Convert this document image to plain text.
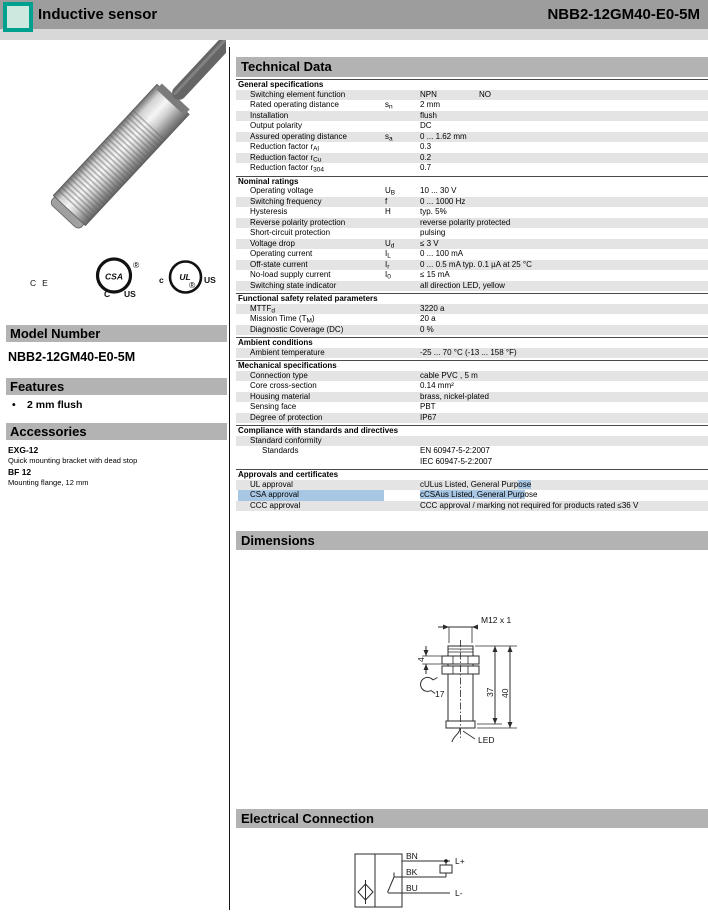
Inductive sensor	NBB2-12GM40-E0-5M
CE
CSA
®
C US
UL
®
c	US
Model Number
NBB2-12GM40-E0-5M
Features
• 2 mm flush
Accessories
EXG-12
Quick mounting bracket with dead stop
BF 12
Mounting flange, 12 mm
Technical Data
General specifications
Switching element function	NPN	NO
Rated operating distance	$s_n$	2 mm
Installation	flush
Output polarity	DC
Assured operating distance	$s_a$	0 ... 1.62 mm
Reduction factor $r_{Al}$	0.3
Reduction factor $r_{Cu}$	0.2
Reduction factor $r_{304}$	0.7
Nominal ratings
Operating voltage	$U_B$	10 ... 30 V
Switching frequency	f	0 ... 1000 Hz
Hysteresis	H	typ. 5%
Reverse polarity protection	reverse polarity protected
Short-circuit protection	pulsing
Voltage drop	$U_d$	≤ 3 V
Operating current	$I_L$	0 ... 100 mA
Off-state current	$I_r$	0 ... 0.5 mA typ. 0.1 µA at 25 °C
No-load supply current	$I_0$	≤ 15 mA
Switching state indicator	all direction LED, yellow
Functional safety related parameters
$MTTF_d$	3220 a
Mission Time $(T_M)$	20 a
Diagnostic Coverage (DC)	0 %
Ambient conditions
Ambient temperature	-25 ... 70 °C (-13 ... 158 °F)
Mechanical specifications
Connection type	cable PVC , 5 m
Core cross-section	0.14 mm²
Housing material	brass, nickel-plated
Sensing face	PBT
Degree of protection	IP67
Compliance with standards and directives
Standard conformity
Standards	EN 60947-5-2:2007
IEC 60947-5-2:2007
Approvals and certificates
UL approval	cULus Listed, General Purpose
CSA approval	cCSAus Listed, General Purpose
CCC approval	CCC approval / marking not required for products rated ≤36 V
Dimensions
M12 x 1
LED
4
17	37 40
Electrical Connection
BN	L+
BK
BU	L-
